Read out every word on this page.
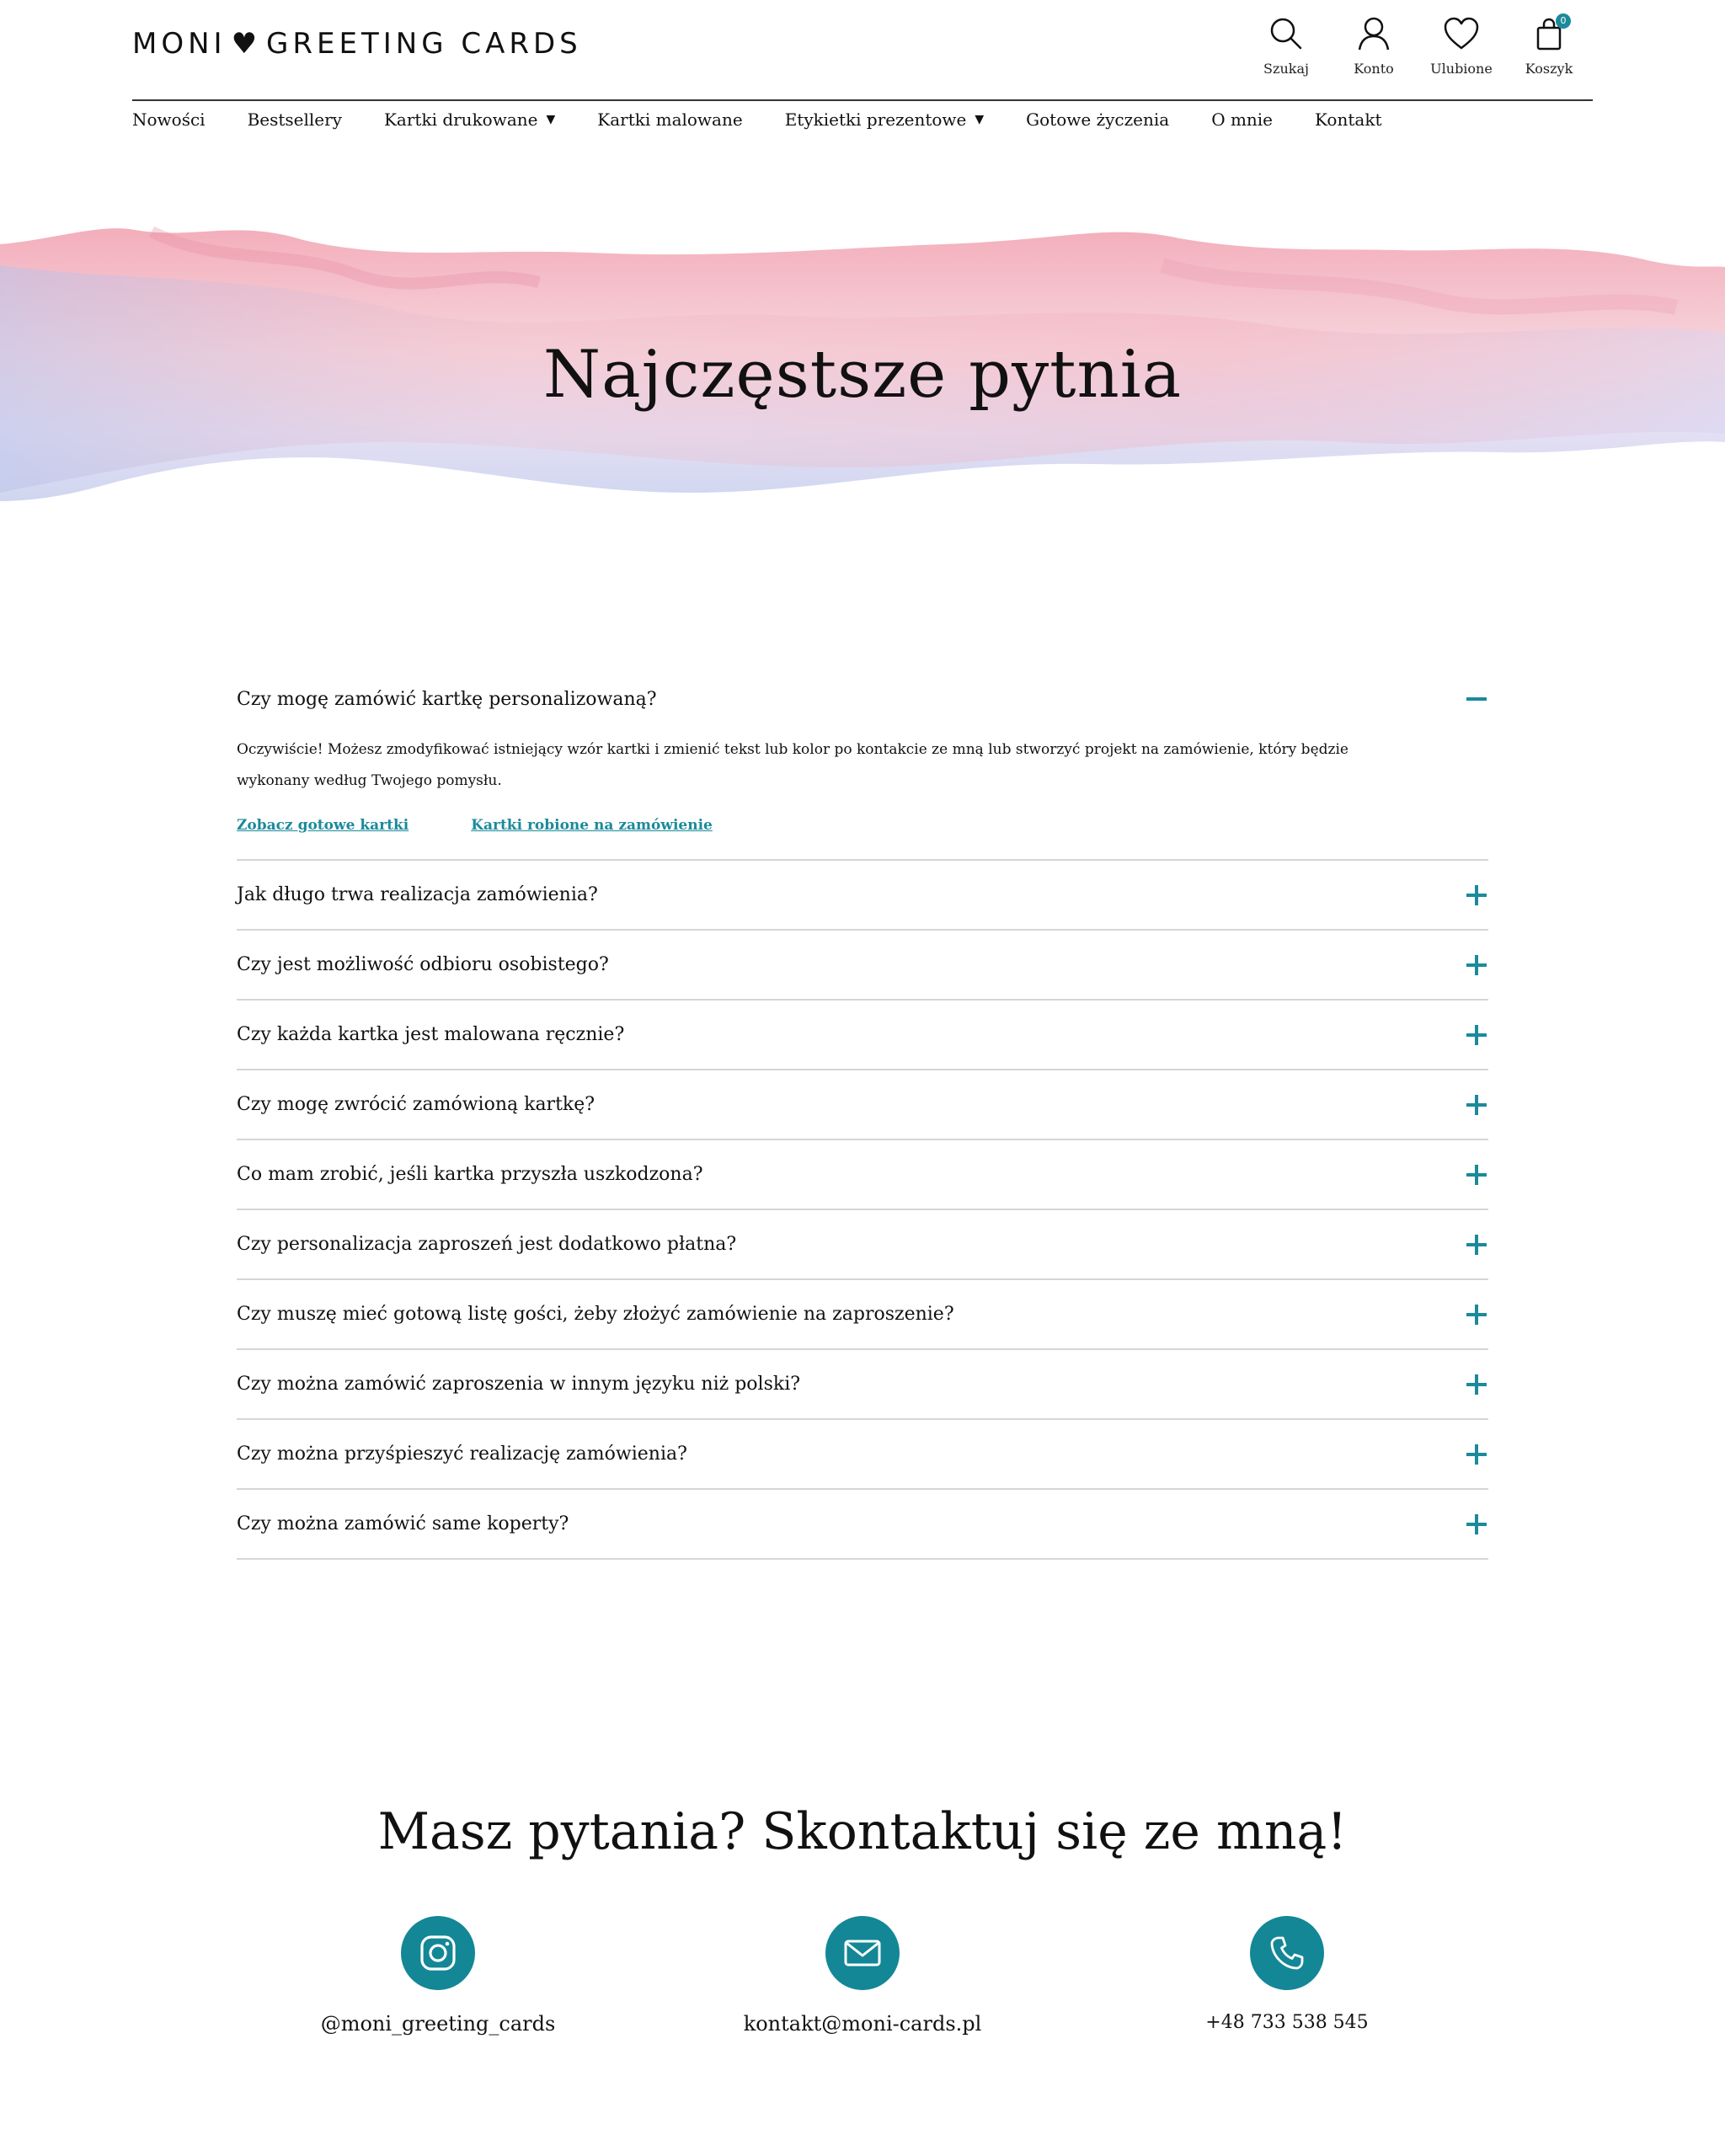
MONI ♥ GREETING CARDS
Szukaj	Konto	Ulubione
0
Koszyk
Nowości	Bestsellery	Kartki drukowane ▼	Kartki malowane	Etykietki prezentowe ▼	Gotowe życzenia	O mnie	Kontakt
Najczęstsze pytnia
Czy mogę zamówić kartkę personalizowaną?
Oczywiście! Możesz zmodyfikować istniejący wzór kartki i zmienić tekst lub kolor po kontakcie ze mną lub stworzyć projekt na zamówienie, który będzie wykonany według Twojego pomysłu.
Zobacz gotowe kartki	Kartki robione na zamówienie
Jak długo trwa realizacja zamówienia?
Czy jest możliwość odbioru osobistego?
Czy każda kartka jest malowana ręcznie?
Czy mogę zwrócić zamówioną kartkę?
Co mam zrobić, jeśli kartka przyszła uszkodzona?
Czy personalizacja zaproszeń jest dodatkowo płatna?
Czy muszę mieć gotową listę gości, żeby złożyć zamówienie na zaproszenie?
Czy można zamówić zaproszenia w innym języku niż polski?
Czy można przyśpieszyć realizację zamówienia?
Czy można zamówić same koperty?
Masz pytania? Skontaktuj się ze mną!
@moni_greeting_cards	kontakt@moni-cards.pl	+48 733 538 545
